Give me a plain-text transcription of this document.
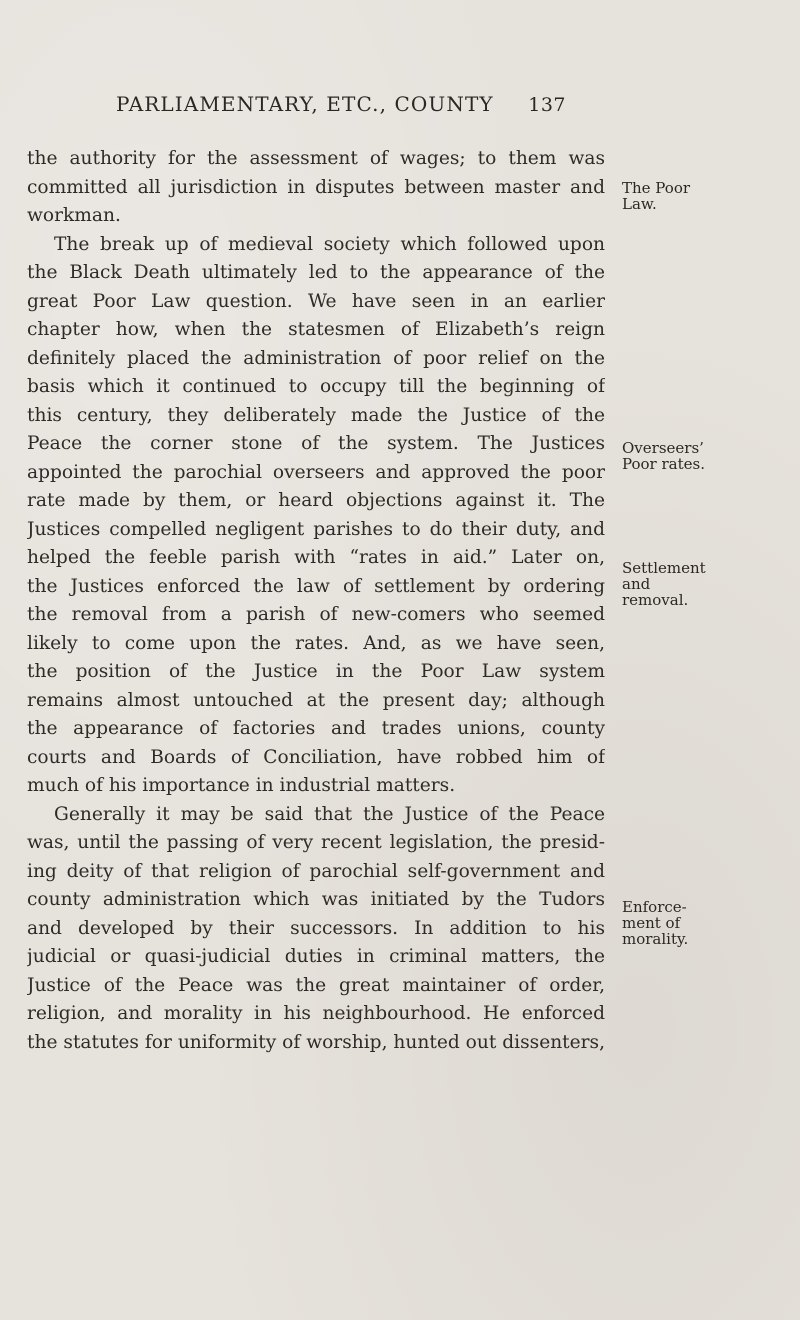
PARLIAMENTARY, ETC., COUNTY 137
the authority for the assessment of wages; to them was
committed all jurisdiction in disputes between master and
workman.
The break up of medieval society which followed upon
the Black Death ultimately led to the appearance of the
great Poor Law question. We have seen in an earlier
chapter how, when the statesmen of Elizabeth’s reign
definitely placed the administration of poor relief on the
basis which it continued to occupy till the beginning of
this century, they deliberately made the Justice of the
Peace the corner stone of the system. The Justices
appointed the parochial overseers and approved the poor
rate made by them, or heard objections against it. The
Justices compelled negligent parishes to do their duty, and
helped the feeble parish with “rates in aid.” Later on,
the Justices enforced the law of settlement by ordering
the removal from a parish of new-comers who seemed
likely to come upon the rates. And, as we have seen,
the position of the Justice in the Poor Law system
remains almost untouched at the present day; although
the appearance of factories and trades unions, county
courts and Boards of Conciliation, have robbed him of
much of his importance in industrial matters.
Generally it may be said that the Justice of the Peace
was, until the passing of very recent legislation, the presid-
ing deity of that religion of parochial self-government and
county administration which was initiated by the Tudors
and developed by their successors. In addition to his
judicial or quasi-judicial duties in criminal matters, the
Justice of the Peace was the great maintainer of order,
religion, and morality in his neighbourhood. He enforced
the statutes for uniformity of worship, hunted out dissenters,
The Poor
Law.
Overseers’
Poor rates.
Settlement
and
removal.
Enforce-
ment of
morality.
